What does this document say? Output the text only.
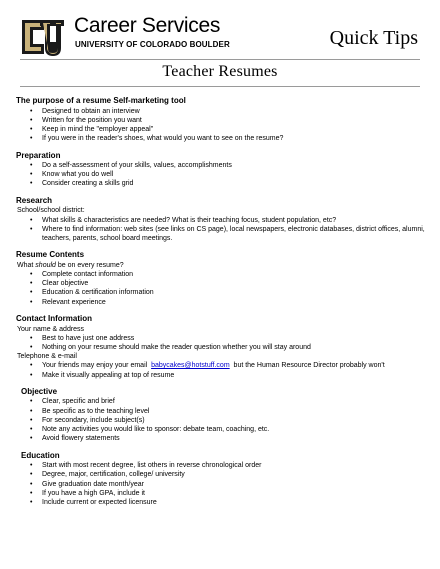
Career Services
UNIVERSITY OF COLORADO BOULDER	Quick Tips
Teacher Resumes
The purpose of a resume Self-marketing tool
• Designed to obtain an interview
• Written for the position you want
• Keep in mind the "employer appeal"
• If you were in the reader's shoes, what would you want to see on the resume?
Preparation
• Do a self-assessment of your skills, values, accomplishments
• Know what you do well
• Consider creating a skills grid
Research
School/school district:
• What skills & characteristics are needed? What is their teaching focus, student population, etc?
• Where to find information: web sites (see links on CS page), local newspapers, electronic databases, district offices, alumni, teachers, parents, school board meetings.
Resume Contents
What should be on every resume?
• Complete contact information
• Clear objective
• Education & certification information
• Relevant experience
Contact Information
Your name & address
• Best to have just one address
• Nothing on your resume should make the reader question whether you will stay around
Telephone & e-mail
• Your friends may enjoy your email  babycakes@hotstuff.com  but the Human Resource Director probably won't
• Make it visually appealing at top of resume
Objective
• Clear, specific and brief
• Be specific as to the teaching level
• For secondary, include subject(s)
• Note any activities you would like to sponsor: debate team, coaching, etc.
• Avoid flowery statements
Education
• Start with most recent degree, list others in reverse chronological order
• Degree, major, certification, college/ university
• Give graduation date month/year
• If you have a high GPA, include it
• Include current or expected licensure
